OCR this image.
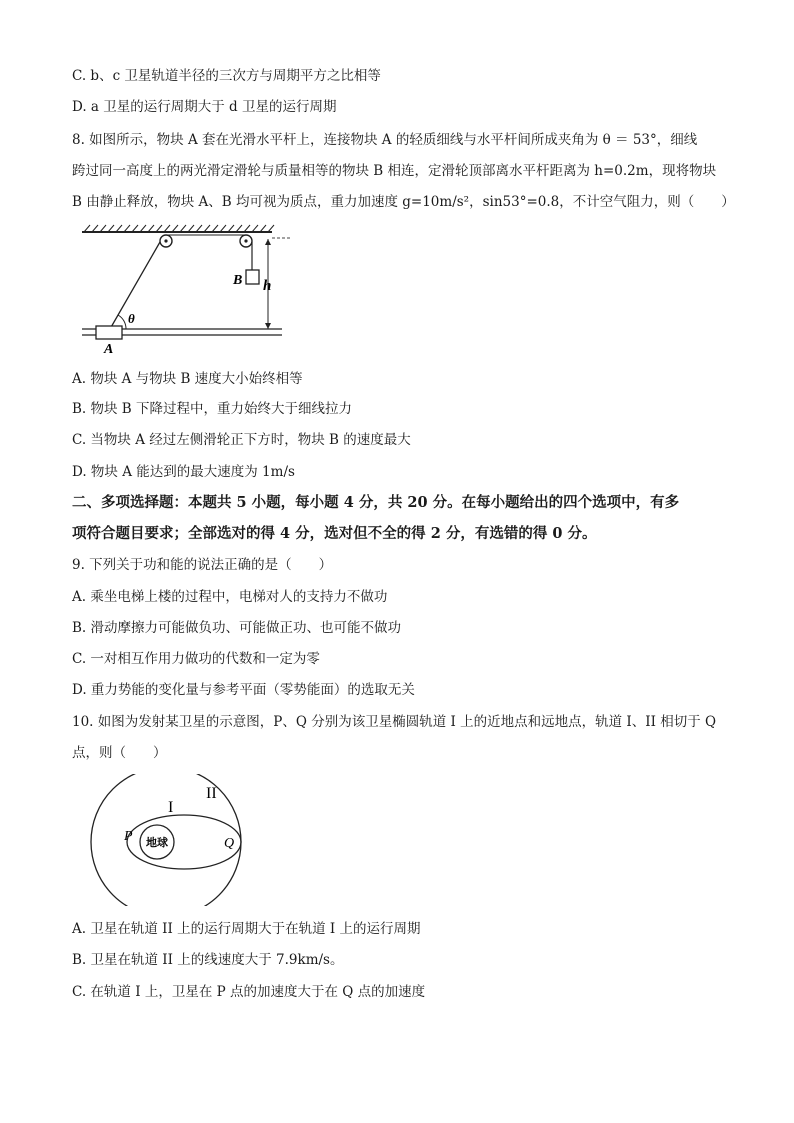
C. b、c 卫星轨道半径的三次方与周期平方之比相等
D. a 卫星的运行周期大于 d 卫星的运行周期
8. 如图所示，物块 A 套在光滑水平杆上，连接物块 A 的轻质细线与水平杆间所成夹角为 θ ＝ 53°，细线
跨过同一高度上的两光滑定滑轮与质量相等的物块 B 相连，定滑轮顶部离水平杆距离为 h=0.2m，现将物块
B 由静止释放，物块 A、B 均可视为质点，重力加速度 g=10m/s²，sin53°=0.8，不计空气阻力，则（　　）
B h
A
θ
A. 物块 A 与物块 B 速度大小始终相等
B. 物块 B 下降过程中，重力始终大于细线拉力
C. 当物块 A 经过左侧滑轮正下方时，物块 B 的速度最大
D. 物块 A 能达到的最大速度为 1m/s
二、多项选择题：本题共 5 小题，每小题 4 分，共 20 分。在每小题给出的四个选项中，有多
项符合题目要求；全部选对的得 4 分，选对但不全的得 2 分，有选错的得 0 分。
9. 下列关于功和能的说法正确的是（　　）
A. 乘坐电梯上楼的过程中，电梯对人的支持力不做功
B. 滑动摩擦力可能做负功、可能做正功、也可能不做功
C. 一对相互作用力做功的代数和一定为零
D. 重力势能的变化量与参考平面（零势能面）的选取无关
10. 如图为发射某卫星的示意图，P、Q 分别为该卫星椭圆轨道 I 上的近地点和远地点，轨道 I、II 相切于 Q
点，则（　　）
地球
I
II
P	Q
A. 卫星在轨道 II 上的运行周期大于在轨道 I 上的运行周期
B. 卫星在轨道 II 上的线速度大于 7.9km/s。
C. 在轨道 I 上，卫星在 P 点的加速度大于在 Q 点的加速度
